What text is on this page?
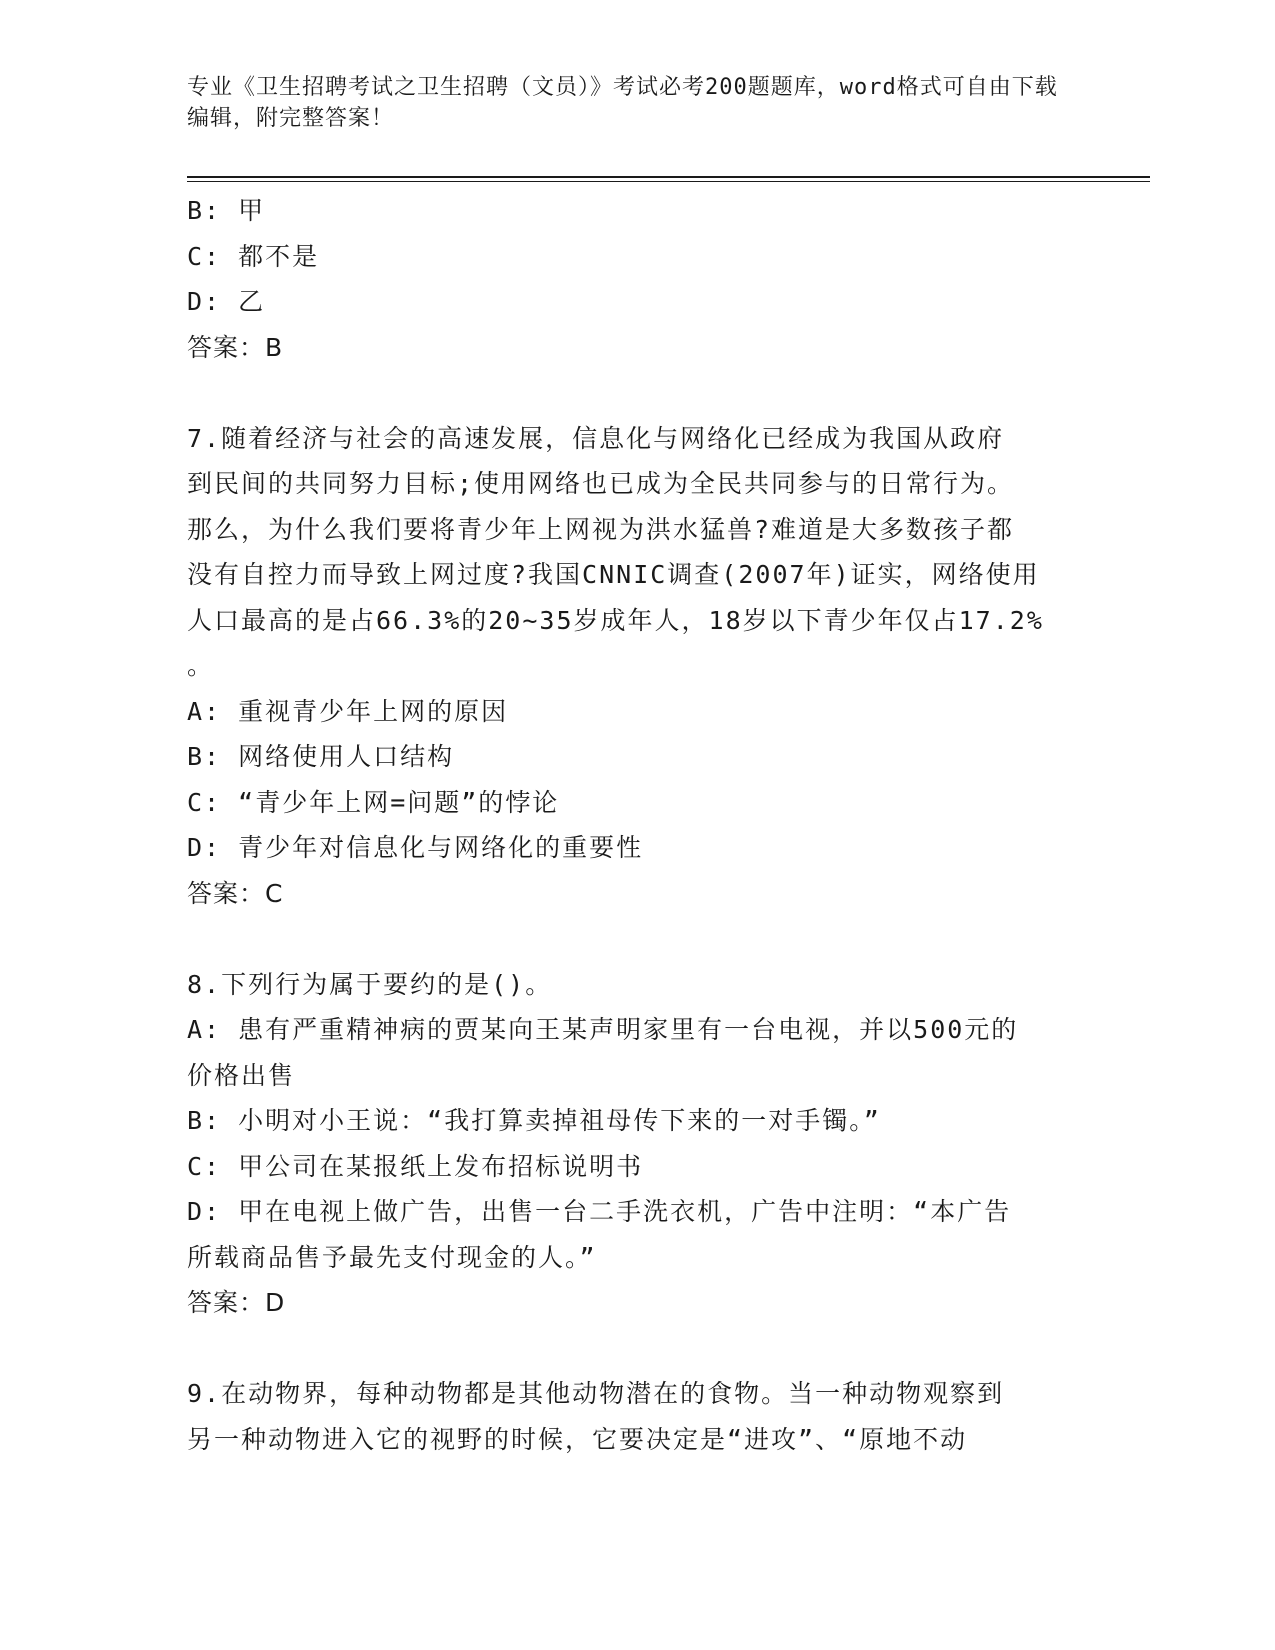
专业《卫生招聘考试之卫生招聘（文员）》考试必考200题题库，word格式可自由下载编辑，附完整答案！
B: 甲
C: 都不是
D: 乙
答案：B
7.随着经济与社会的高速发展，信息化与网络化已经成为我国从政府
到民间的共同努力目标;使用网络也已成为全民共同参与的日常行为。
那么，为什么我们要将青少年上网视为洪水猛兽?难道是大多数孩子都
没有自控力而导致上网过度?我国CNNIC调查(2007年)证实，网络使用
人口最高的是占66.3%的20~35岁成年人，18岁以下青少年仅占17.2%
。
A: 重视青少年上网的原因
B: 网络使用人口结构
C: “青少年上网=问题”的悖论
D: 青少年对信息化与网络化的重要性
答案：C
8.下列行为属于要约的是()。
A: 患有严重精神病的贾某向王某声明家里有一台电视，并以500元的
价格出售
B: 小明对小王说：“我打算卖掉祖母传下来的一对手镯。”
C: 甲公司在某报纸上发布招标说明书
D: 甲在电视上做广告，出售一台二手洗衣机，广告中注明：“本广告
所载商品售予最先支付现金的人。”
答案：D
9.在动物界，每种动物都是其他动物潜在的食物。当一种动物观察到
另一种动物进入它的视野的时候，它要决定是“进攻”、“原地不动
